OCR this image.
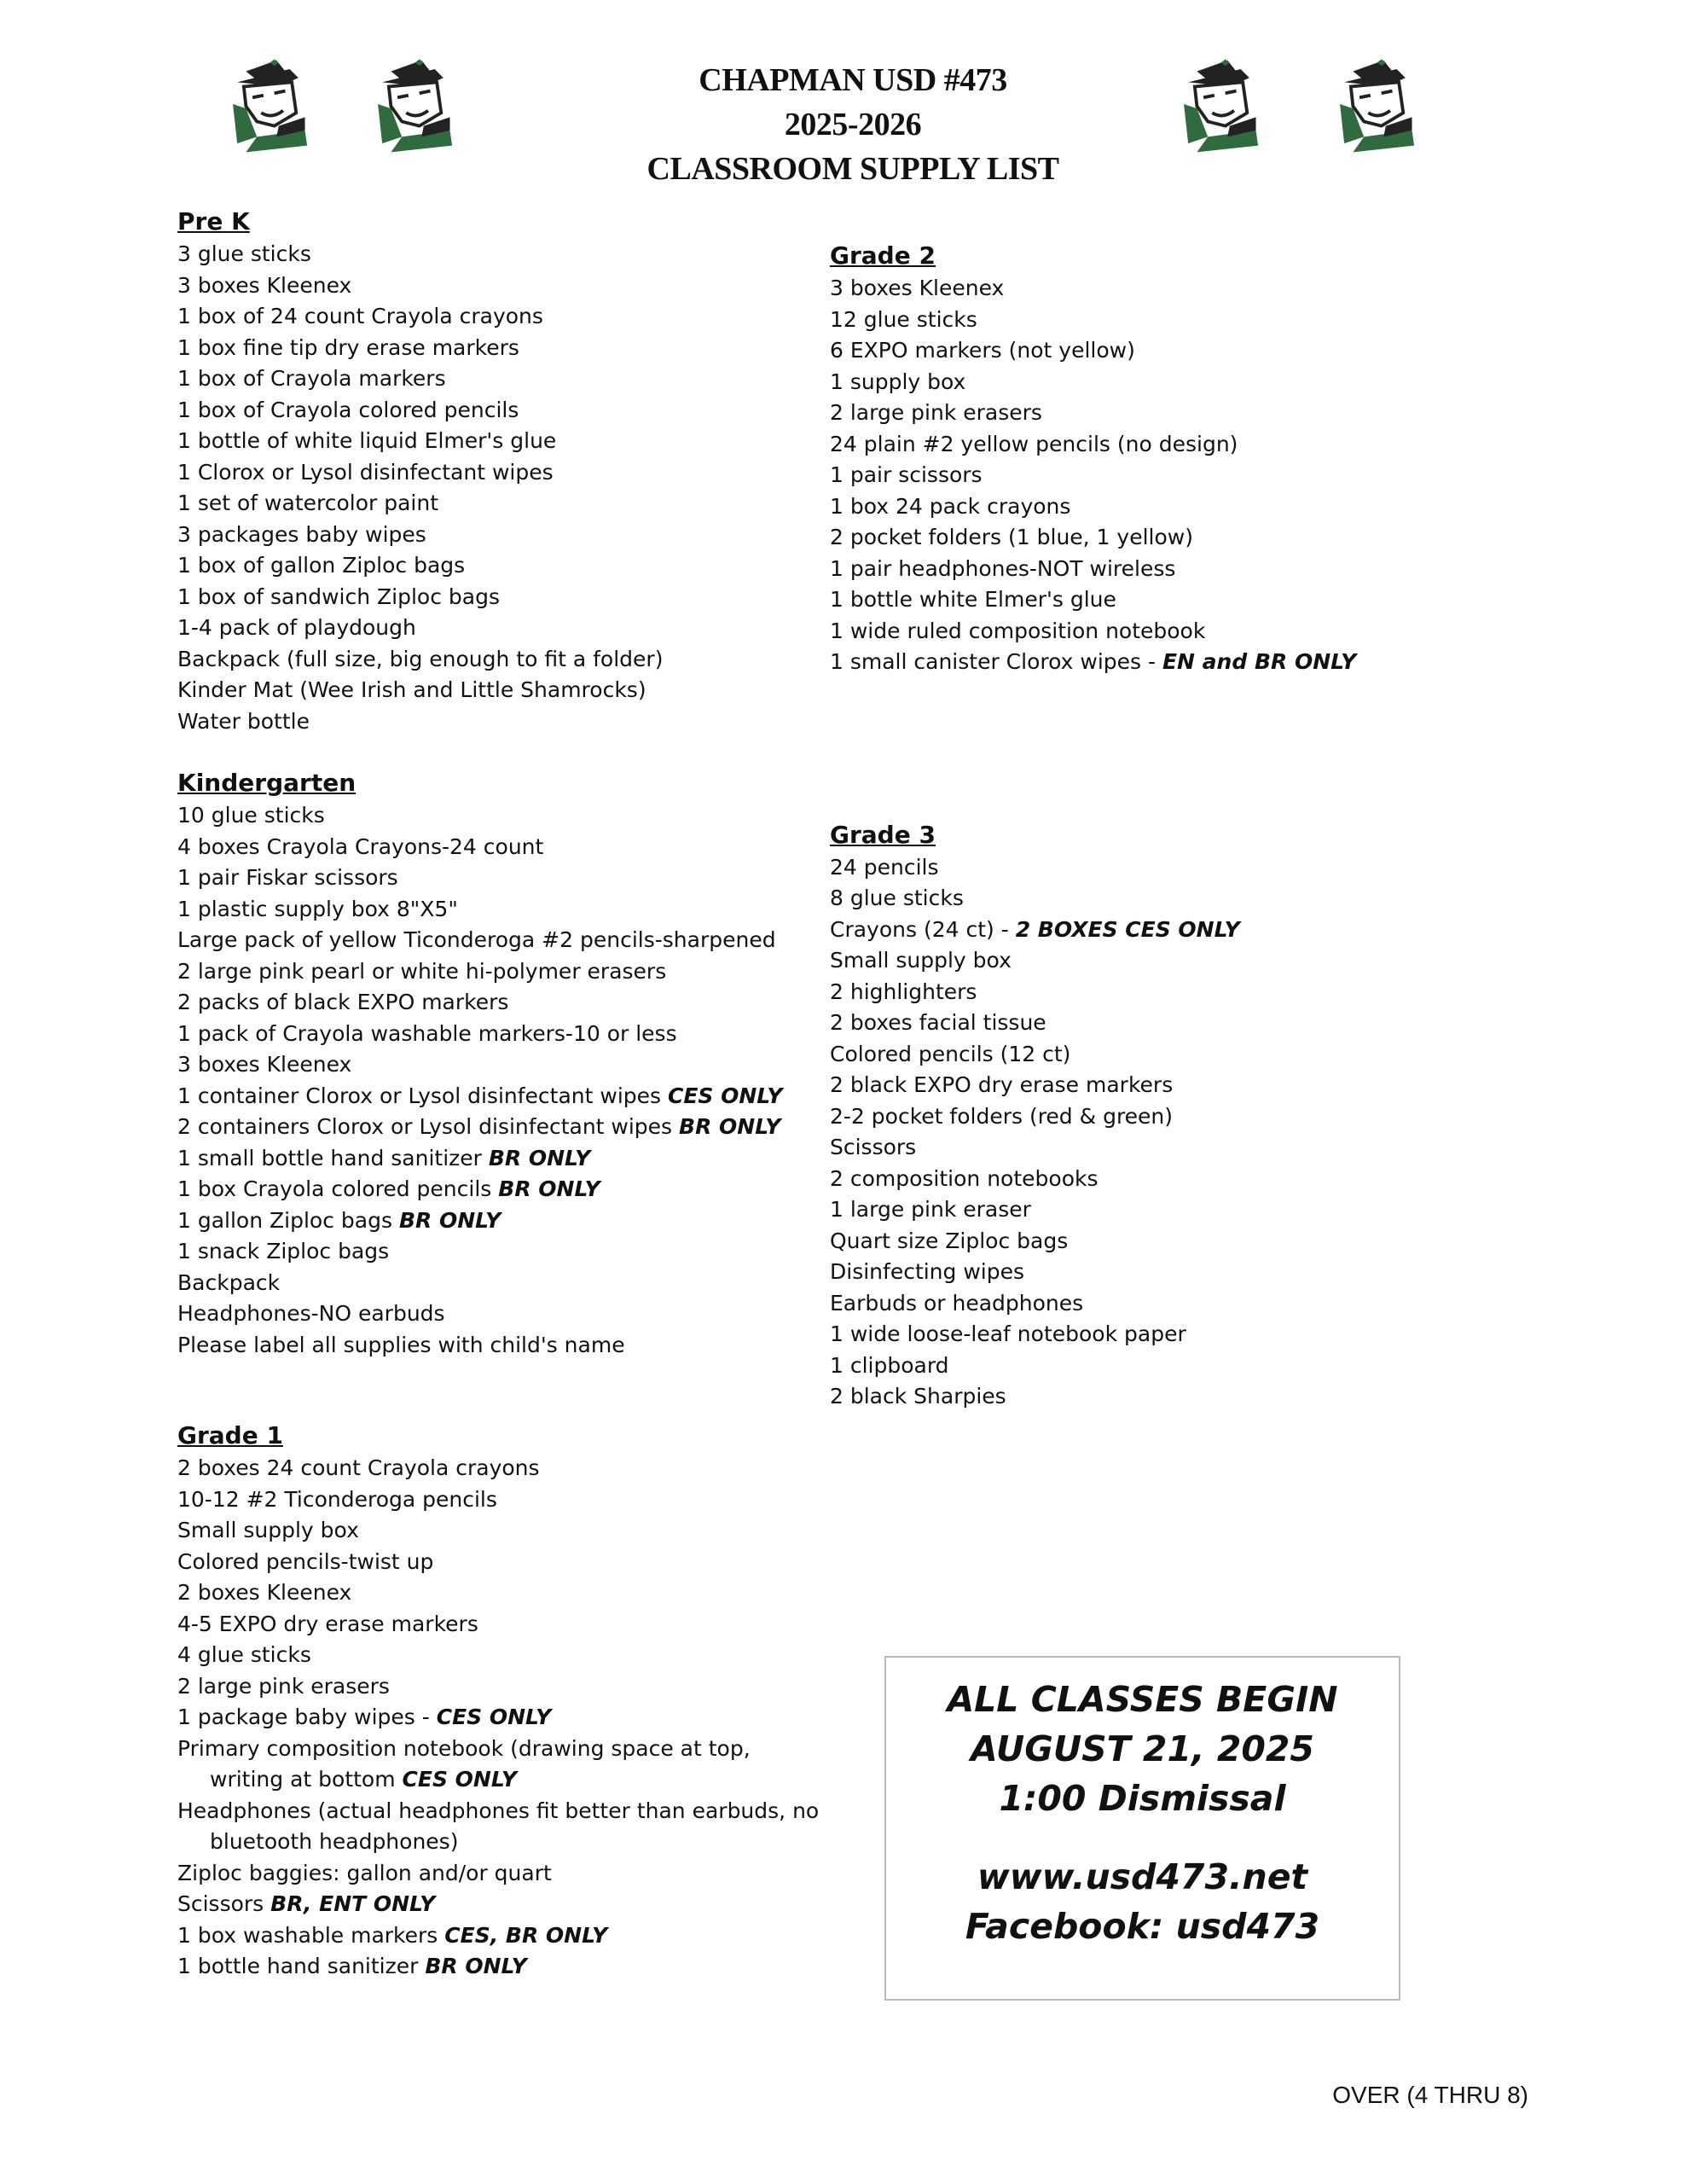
CHAPMAN USD #473
2025-2026
CLASSROOM SUPPLY LIST
Pre K
3 glue sticks
3 boxes Kleenex
1 box of 24 count Crayola crayons
1 box fine tip dry erase markers
1 box of Crayola markers
1 box of Crayola colored pencils
1 bottle of white liquid Elmer's glue
1 Clorox or Lysol disinfectant wipes
1 set of watercolor paint
3 packages baby wipes
1 box of gallon Ziploc bags
1 box of sandwich Ziploc bags
1-4 pack of playdough
Backpack (full size, big enough to fit a folder)
Kinder Mat (Wee Irish and Little Shamrocks)
Water bottle
Kindergarten
10 glue sticks
4 boxes Crayola Crayons-24 count
1 pair Fiskar scissors
1 plastic supply box 8"X5"
Large pack of yellow Ticonderoga #2 pencils-sharpened
2 large pink pearl or white hi-polymer erasers
2 packs of black EXPO markers
1 pack of Crayola washable markers-10 or less
3 boxes Kleenex
1 container Clorox or Lysol disinfectant wipes CES ONLY
2 containers Clorox or Lysol disinfectant wipes BR ONLY
1 small bottle hand sanitizer BR ONLY
1 box Crayola colored pencils BR ONLY
1 gallon Ziploc bags BR ONLY
1 snack Ziploc bags
Backpack
Headphones-NO earbuds
Please label all supplies with child's name
Grade 1
2 boxes 24 count Crayola crayons
10-12 #2 Ticonderoga pencils
Small supply box
Colored pencils-twist up
2 boxes Kleenex
4-5 EXPO dry erase markers
4 glue sticks
2 large pink erasers
1 package baby wipes - CES ONLY
Primary composition notebook (drawing space at top, writing at bottom CES ONLY
Headphones (actual headphones fit better than earbuds, no bluetooth headphones)
Ziploc baggies: gallon and/or quart
Scissors BR, ENT ONLY
1 box washable markers CES, BR ONLY
1 bottle hand sanitizer BR ONLY
Grade 2
3 boxes Kleenex
12 glue sticks
6 EXPO markers (not yellow)
1 supply box
2 large pink erasers
24 plain #2 yellow pencils (no design)
1 pair scissors
1 box 24 pack crayons
2 pocket folders (1 blue, 1 yellow)
1 pair headphones-NOT wireless
1 bottle white Elmer's glue
1 wide ruled composition notebook
1 small canister Clorox wipes - EN and BR ONLY
Grade 3
24 pencils
8 glue sticks
Crayons (24 ct) - 2 BOXES CES ONLY
Small supply box
2 highlighters
2 boxes facial tissue
Colored pencils (12 ct)
2 black EXPO dry erase markers
2-2 pocket folders (red & green)
Scissors
2 composition notebooks
1 large pink eraser
Quart size Ziploc bags
Disinfecting wipes
Earbuds or headphones
1 wide loose-leaf notebook paper
1 clipboard
2 black Sharpies
ALL CLASSES BEGIN
AUGUST 21, 2025
1:00 Dismissal
www.usd473.net
Facebook: usd473
OVER (4 THRU 8)
